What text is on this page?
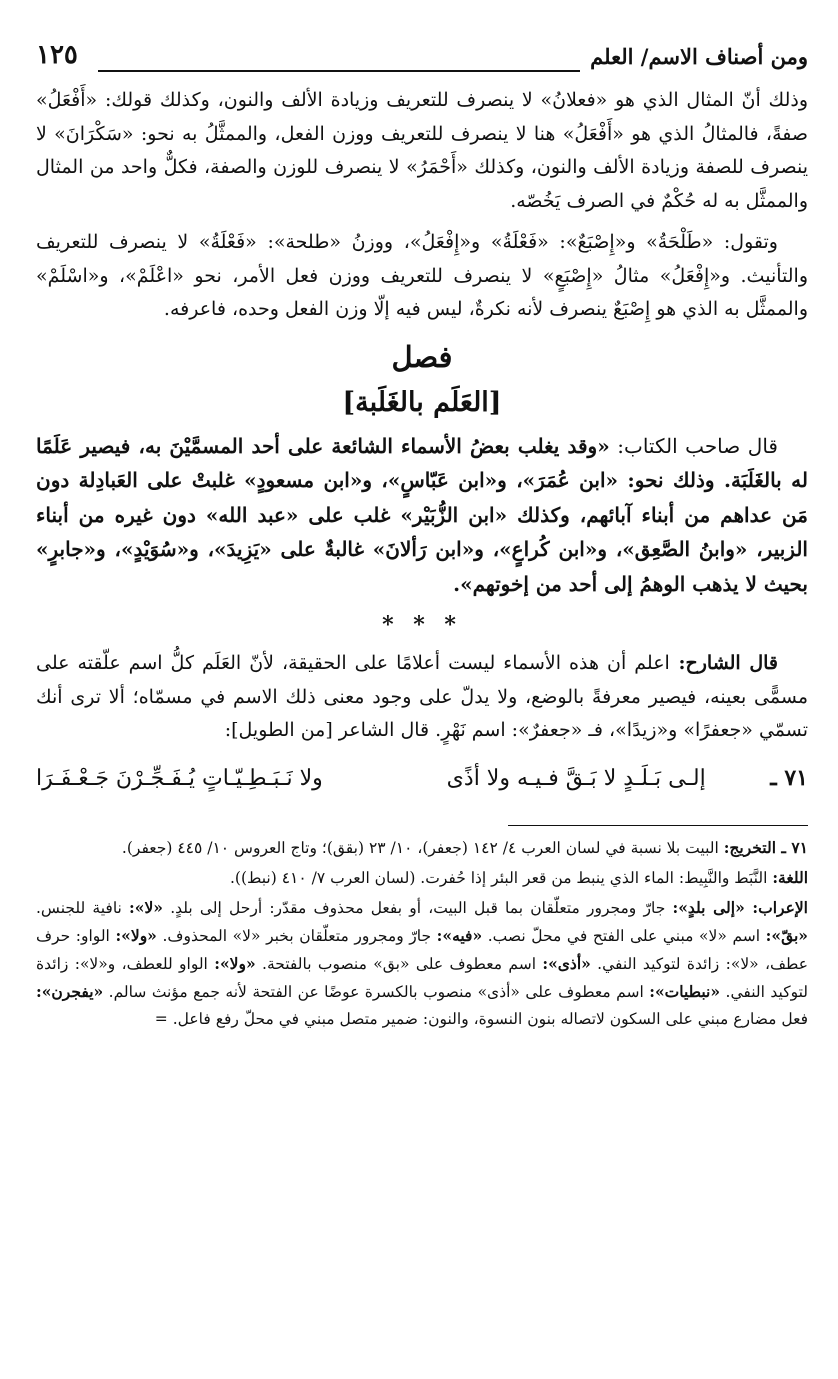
ومن أصناف الاسم/ العلم
١٢٥

وذلك أنّ المثال الذي هو «فعلانُ» لا ينصرف للتعريف وزيادة الألف والنون، وكذلك قولك: «أَفْعَلُ» صفةً، فالمثالُ الذي هو «أَفْعَلُ» هنا لا ينصرف للتعريف ووزن الفعل، والممثَّلُ به نحو: «سَكْرَانَ» لا ينصرف للصفة وزيادة الألف والنون، وكذلك «أَحْمَرُ» لا ينصرف للوزن والصفة، فكلٌّ واحد من المثال والممثَّل به له حُكْمٌ في الصرف يَخُصّه.

وتقول: «طَلْحَةُ» و«إِصْبَعٌ»: «فَعْلَةُ» و«إِفْعَلُ»، ووزنُ «طلحة»: «فَعْلَةُ» لا ينصرف للتعريف والتأنيث. و«إِفْعَلُ» مثالُ «إِصْبَعٍ» لا ينصرف للتعريف ووزن فعل الأمر، نحو «اعْلَمْ»، و«اسْلَمْ» والممثَّل به الذي هو إِصْبَعٌ ينصرف لأنه نكرةٌ، ليس فيه إلّا وزن الفعل وحده، فاعرفه.

فصل
[العَلَم بالغَلَبة]

قال صاحب الكتاب: «وقد يغلب بعضُ الأسماء الشائعة على أحد المسمَّيْنَ به، فيصير عَلَمًا له بالغَلَبَة. وذلك نحو: «ابن عُمَرَ»، و«ابن عَبّاسٍ»، و«ابن مسعودٍ» غلبتْ على العَبادِلة دون مَن عداهم من أبناء آبائهم، وكذلك «ابن الزُّبَيْر» غلب على «عبد الله» دون غيره من أبناء الزبير، «وابنُ الصَّعِق»، و«ابن كُراعٍ»، و«ابن رَألانَ» غالبةٌ على «يَزِيدَ»، و«سُوَيْدٍ»، و«جابرٍ» بحيث لا يذهب الوهمُ إلى أحد من إخوتهم».

* * *

قال الشارح: اعلم أن هذه الأسماء ليست أعلامًا على الحقيقة، لأنّ العَلَم كلُّ اسم علّقته على مسمًّى بعينه، فيصير معرفةً بالوضع، ولا يدلّ على وجود معنى ذلك الاسم في مسمّاه؛ ألا ترى أنك تسمّي «جعفرًا» و«زيدًا»، فـ «جعفرٌ»: اسم نَهْرٍ. قال الشاعر [من الطويل]:

٧١ ـ
إلـى بَـلَـدٍ لا بَـقَّ فـيـه ولا أذًى
ولا نَـبَـطِـيّـاتٍ يُـفَـجِّـرْنَ جَـعْـفَـرَا

٧١ ـ التخريج: البيت بلا نسبة في لسان العرب ٤/ ١٤٢ (جعفر)، ١٠/ ٢٣ (بقق)؛ وتاج العروس ١٠/ ٤٤٥ (جعفر).

اللغة: النَّبَط والنَّبِيط: الماء الذي ينبط من قعر البئر إذا حُفرت. (لسان العرب ٧/ ٤١٠ (نبط)).

الإعراب: «إلى بلدٍ»: جارّ ومجرور متعلّقان بما قبل البيت، أو بفعل محذوف مقدّر: أرحل إلى بلدٍ. «لا»: نافية للجنس. «بقّ»: اسم «لا» مبني على الفتح في محلّ نصب. «فيه»: جارّ ومجرور متعلّقان بخبر «لا» المحذوف. «ولا»: الواو: حرف عطف، «لا»: زائدة لتوكيد النفي. «أذى»: اسم معطوف على «بق» منصوب بالفتحة. «ولا»: الواو للعطف، و«لا»: زائدة لتوكيد النفي. «نبطيات»: اسم معطوف على «أذى» منصوب بالكسرة عوضًا عن الفتحة لأنه جمع مؤنث سالم. «يفجرن»: فعل مضارع مبني على السكون لاتصاله بنون النسوة، والنون: ضمير متصل مبني في محلّ رفع فاعل. =
